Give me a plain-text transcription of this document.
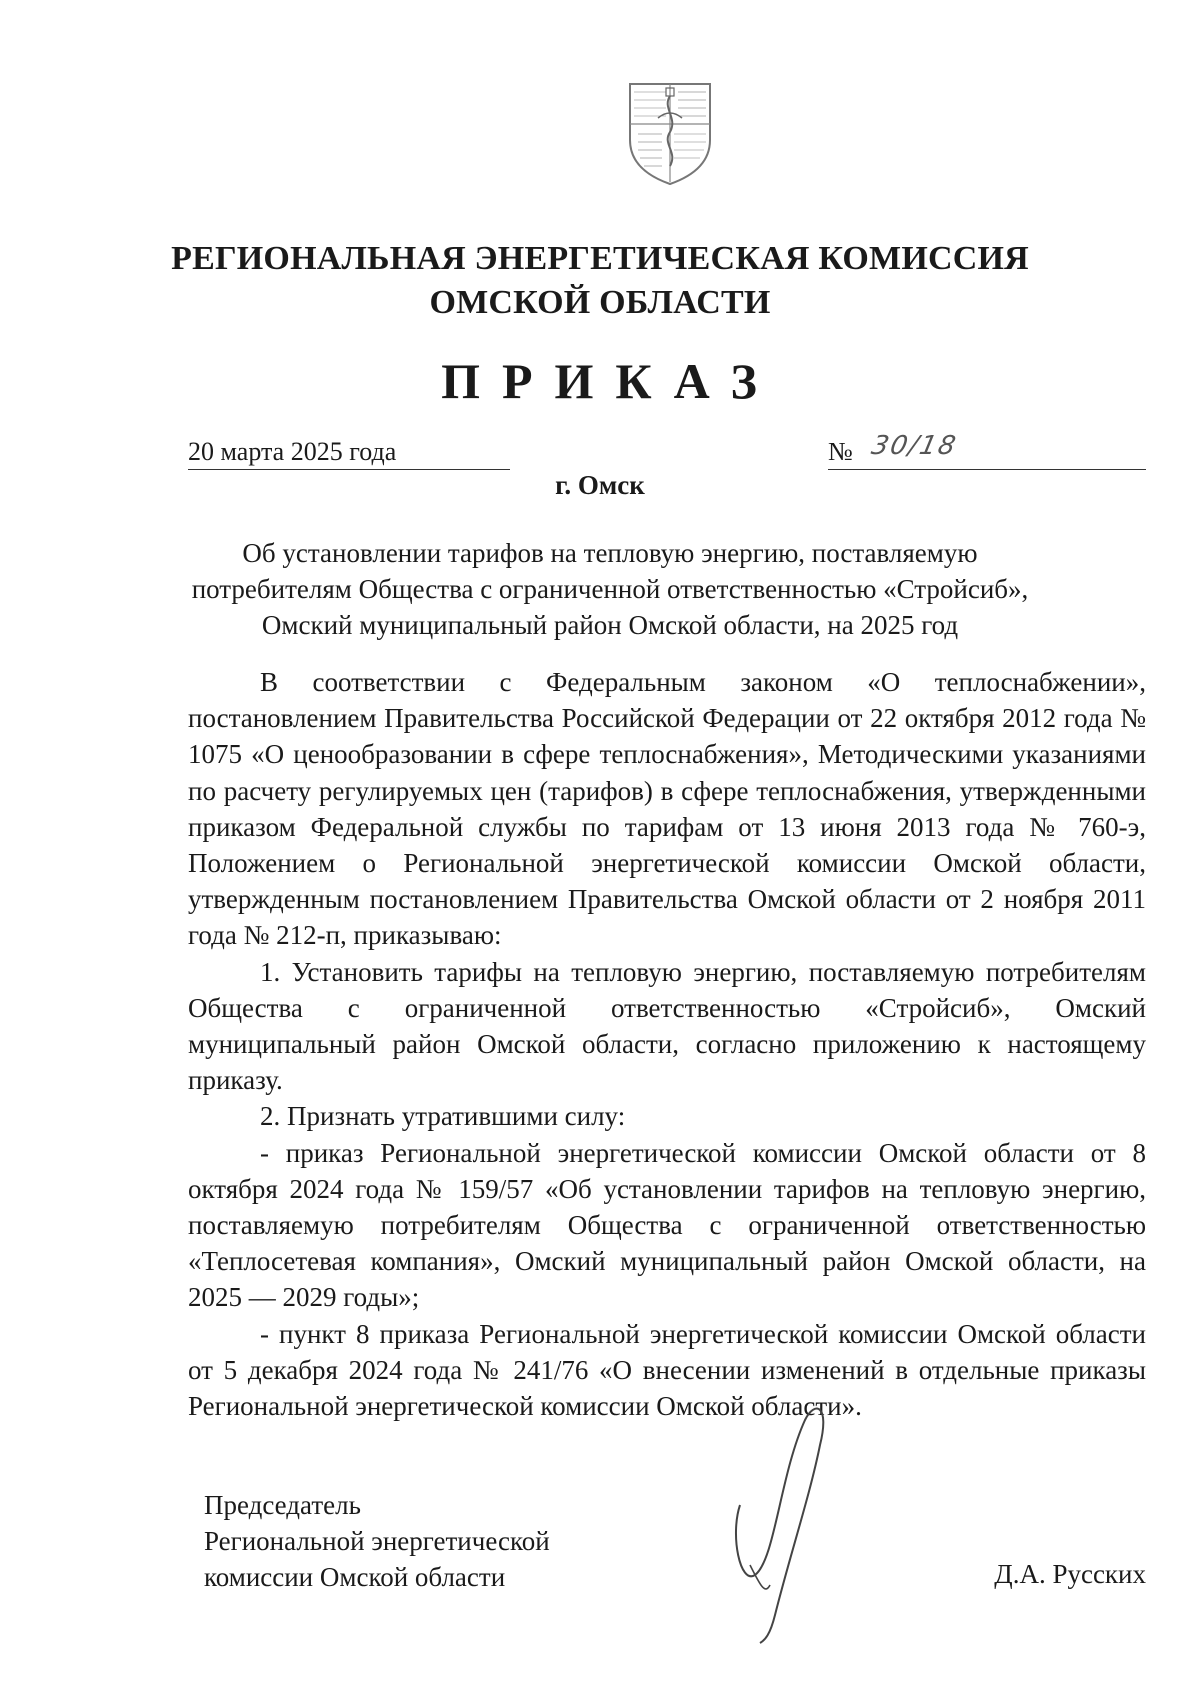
РЕГИОНАЛЬНАЯ ЭНЕРГЕТИЧЕСКАЯ КОМИССИЯ
ОМСКОЙ ОБЛАСТИ
ПРИКАЗ
20 марта 2025 года	№ 30/18
г. Омск
Об установлении тарифов на тепловую энергию, поставляемую потребителям Общества с ограниченной ответственностью «Стройсиб», Омский муниципальный район Омской области, на 2025 год

В соответствии с Федеральным законом «О теплоснабжении», постановлением Правительства Российской Федерации от 22 октября 2012 года № 1075 «О ценообразовании в сфере теплоснабжения», Методическими указаниями по расчету регулируемых цен (тарифов) в сфере теплоснабжения, утвержденными приказом Федеральной службы по тарифам от 13 июня 2013 года № 760-э, Положением о Региональной энергетической комиссии Омской области, утвержденным постановлением Правительства Омской области от 2 ноября 2011 года № 212-п, приказываю:

1. Установить тарифы на тепловую энергию, поставляемую потребителям Общества с ограниченной ответственностью «Стройсиб», Омский муниципальный район Омской области, согласно приложению к настоящему приказу.

2. Признать утратившими силу:

- приказ Региональной энергетической комиссии Омской области от 8 октября 2024 года № 159/57 «Об установлении тарифов на тепловую энергию, поставляемую потребителям Общества с ограниченной ответственностью «Теплосетевая компания», Омский муниципальный район Омской области, на 2025 — 2029 годы»;

- пункт 8 приказа Региональной энергетической комиссии Омской области от 5 декабря 2024 года № 241/76 «О внесении изменений в отдельные приказы Региональной энергетической комиссии Омской области».

Председатель
Региональной энергетической
комиссии Омской области	Д.А. Русских
